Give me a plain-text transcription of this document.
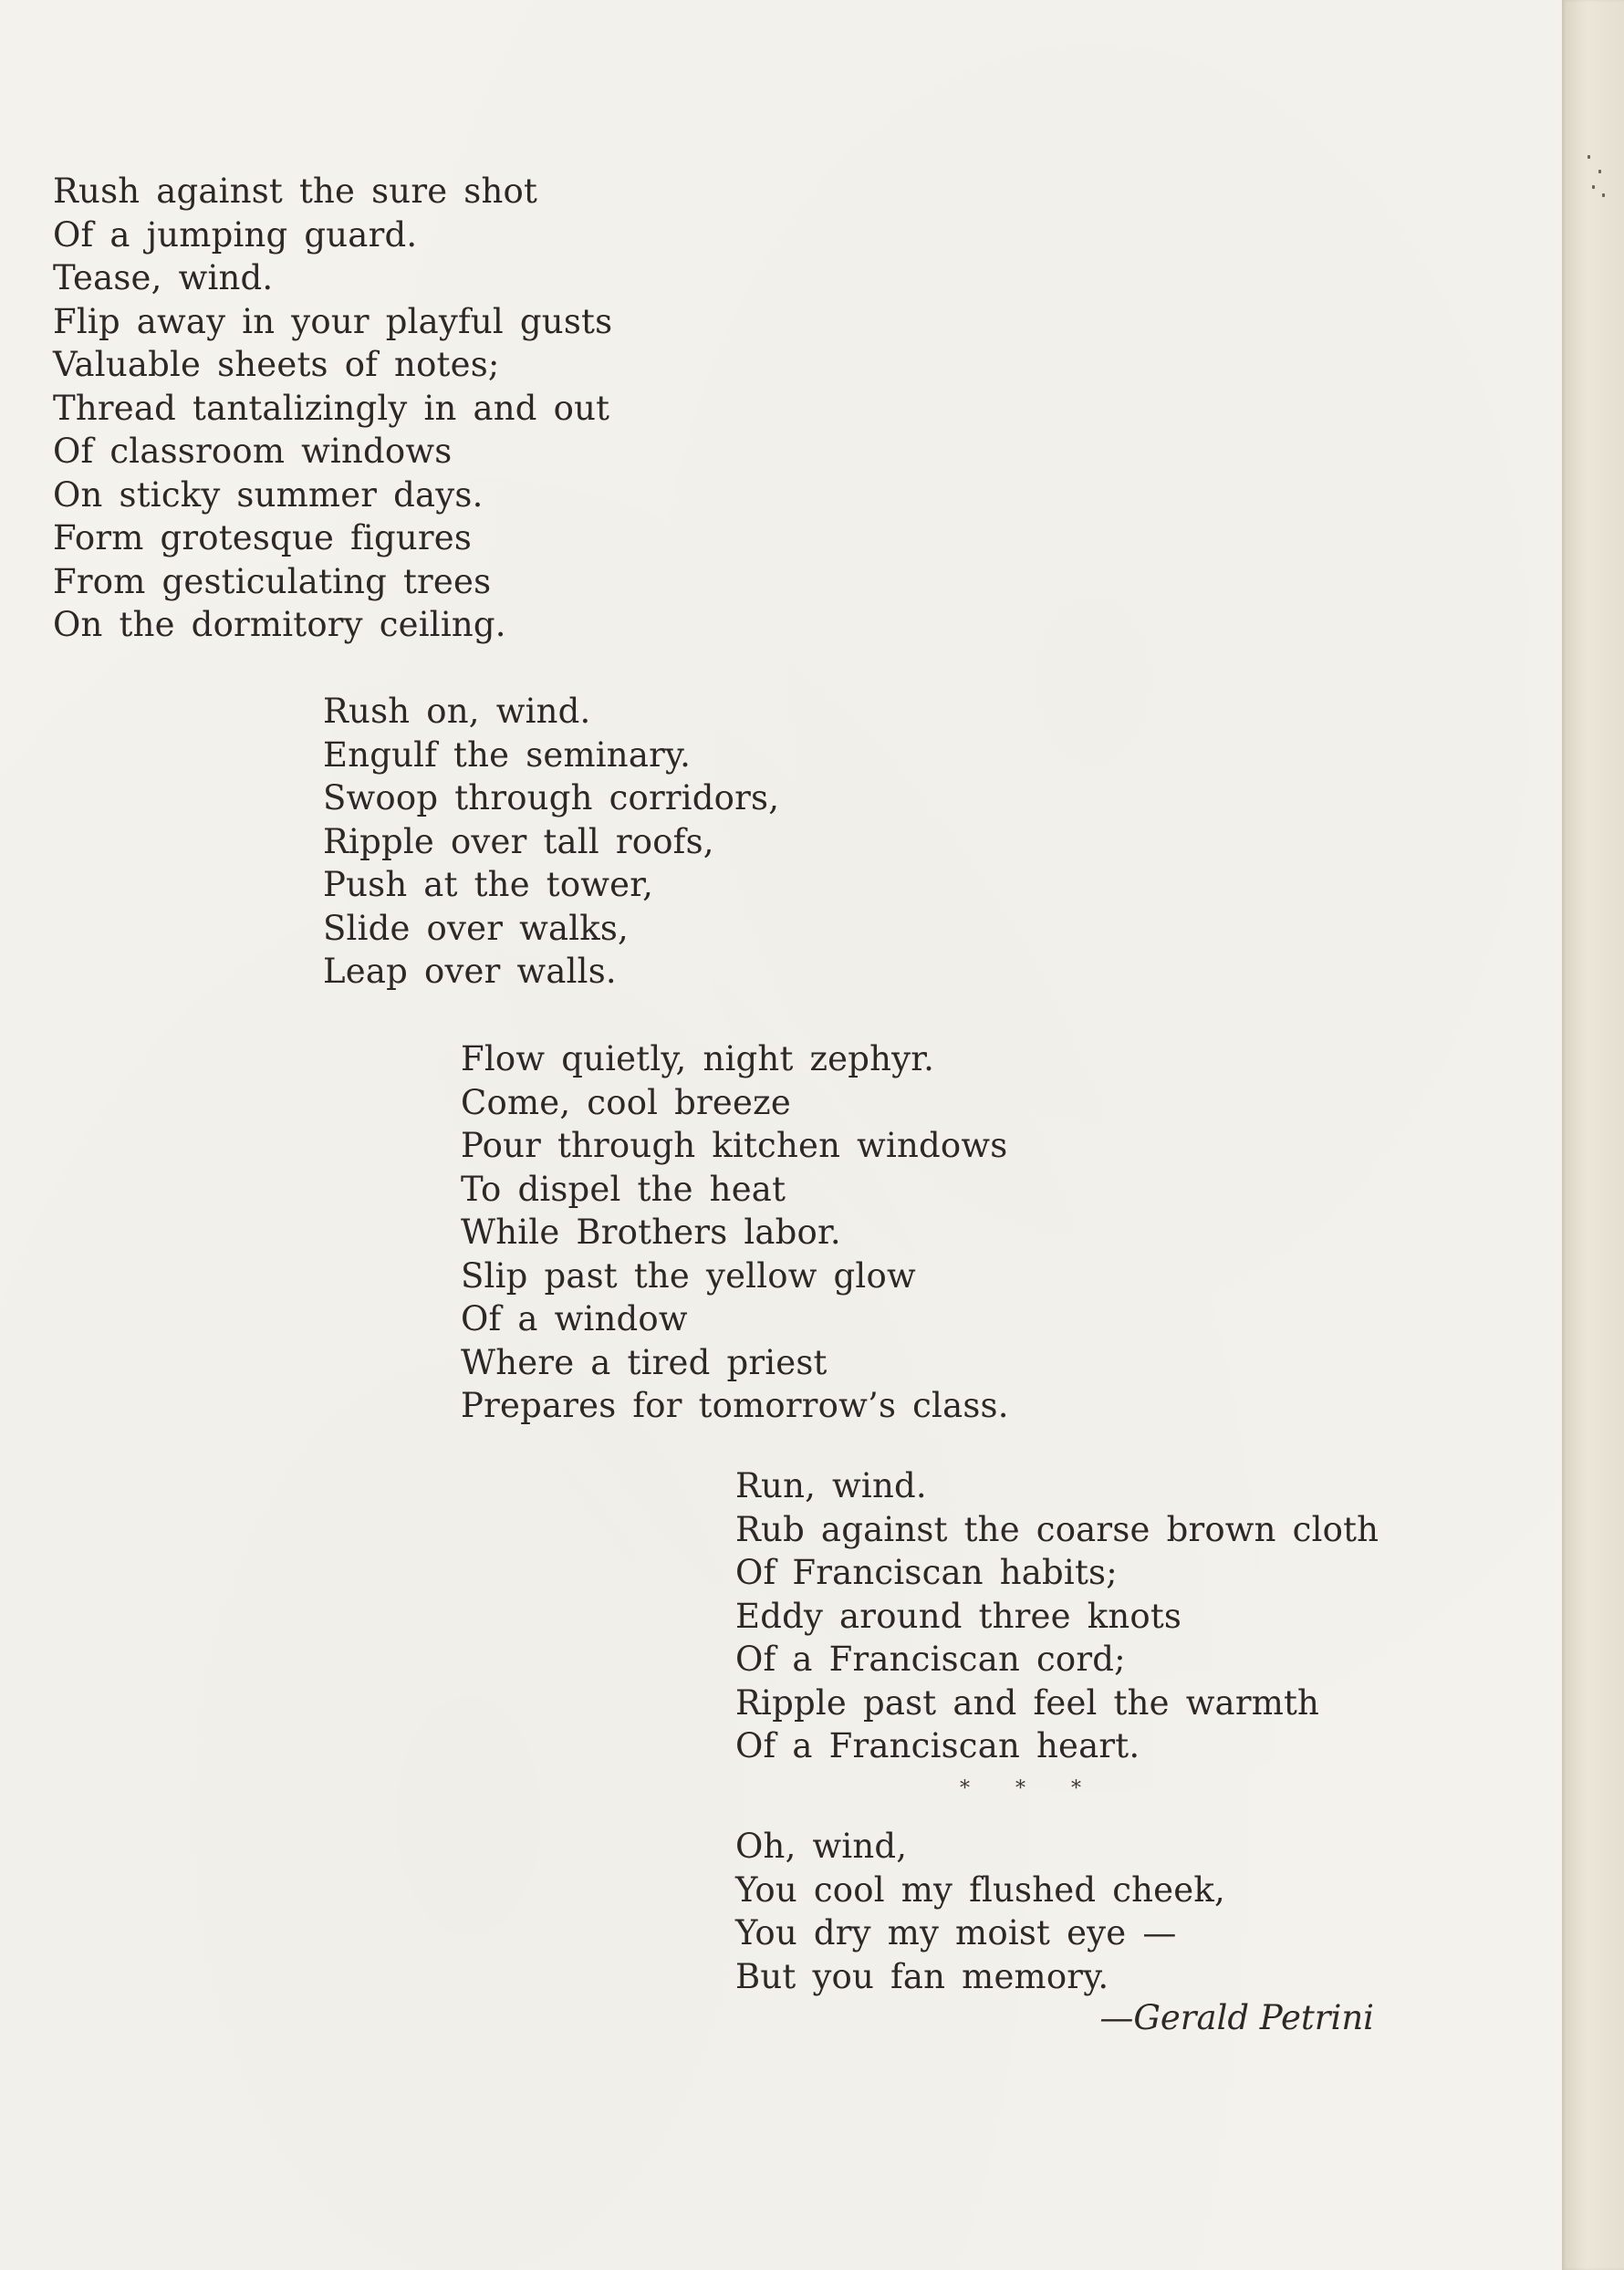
Rush against the sure shot
Of a jumping guard.
Tease, wind.
Flip away in your playful gusts
Valuable sheets of notes;
Thread tantalizingly in and out
Of classroom windows
On sticky summer days.
Form grotesque figures
From gesticulating trees
On the dormitory ceiling.
Rush on, wind.
Engulf the seminary.
Swoop through corridors,
Ripple over tall roofs,
Push at the tower,
Slide over walks,
Leap over walls.
Flow quietly, night zephyr.
Come, cool breeze
Pour through kitchen windows
To dispel the heat
While Brothers labor.
Slip past the yellow glow
Of a window
Where a tired priest
Prepares for tomorrow’s class.
Run, wind.
Rub against the coarse brown cloth
Of Franciscan habits;
Eddy around three knots
Of a Franciscan cord;
Ripple past and feel the warmth
Of a Franciscan heart.
* * *
Oh, wind,
You cool my flushed cheek,
You dry my moist eye —
But you fan memory.
—Gerald Petrini
